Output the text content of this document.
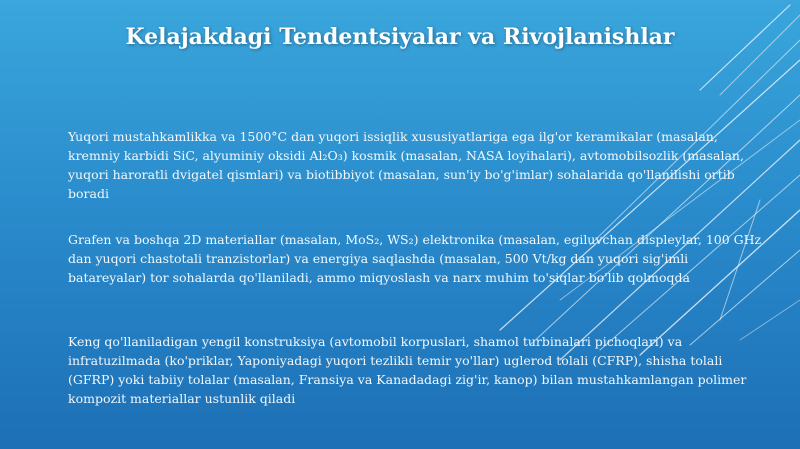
Kelajakdagi Tendentsiyalar va Rivojlanishlar

Yuqori mustahkamlikka va 1500°C dan yuqori issiqlik xususiyatlariga ega ilg'or keramikalar (masalan, kremniy karbidi SiC, alyuminiy oksidi Al₂O₃) kosmik (masalan, NASA loyihalari), avtomobilsozlik (masalan, yuqori haroratli dvigatel qismlari) va biotibbiyot (masalan, sun'iy bo'g'imlar) sohalarida qo'llanilishi ortib boradi

Grafen va boshqa 2D materiallar (masalan, MoS₂, WS₂) elektronika (masalan, egiluvchan displeylar, 100 GHz dan yuqori chastotali tranzistorlar) va energiya saqlashda (masalan, 500 Vt/kg dan yuqori sig'imli batareyalar) tor sohalarda qo'llaniladi, ammo miqyoslash va narx muhim to'siqlar bo'lib qolmoqda

Keng qo'llaniladigan yengil konstruksiya (avtomobil korpuslari, shamol turbinalari pichoqlari) va infratuzilmada (ko'priklar, Yaponiyadagi yuqori tezlikli temir yo'llar) uglerod tolali (CFRP), shisha tolali (GFRP) yoki tabiiy tolalar (masalan, Fransiya va Kanadadagi zig'ir, kanop) bilan mustahkamlangan polimer kompozit materiallar ustunlik qiladi
